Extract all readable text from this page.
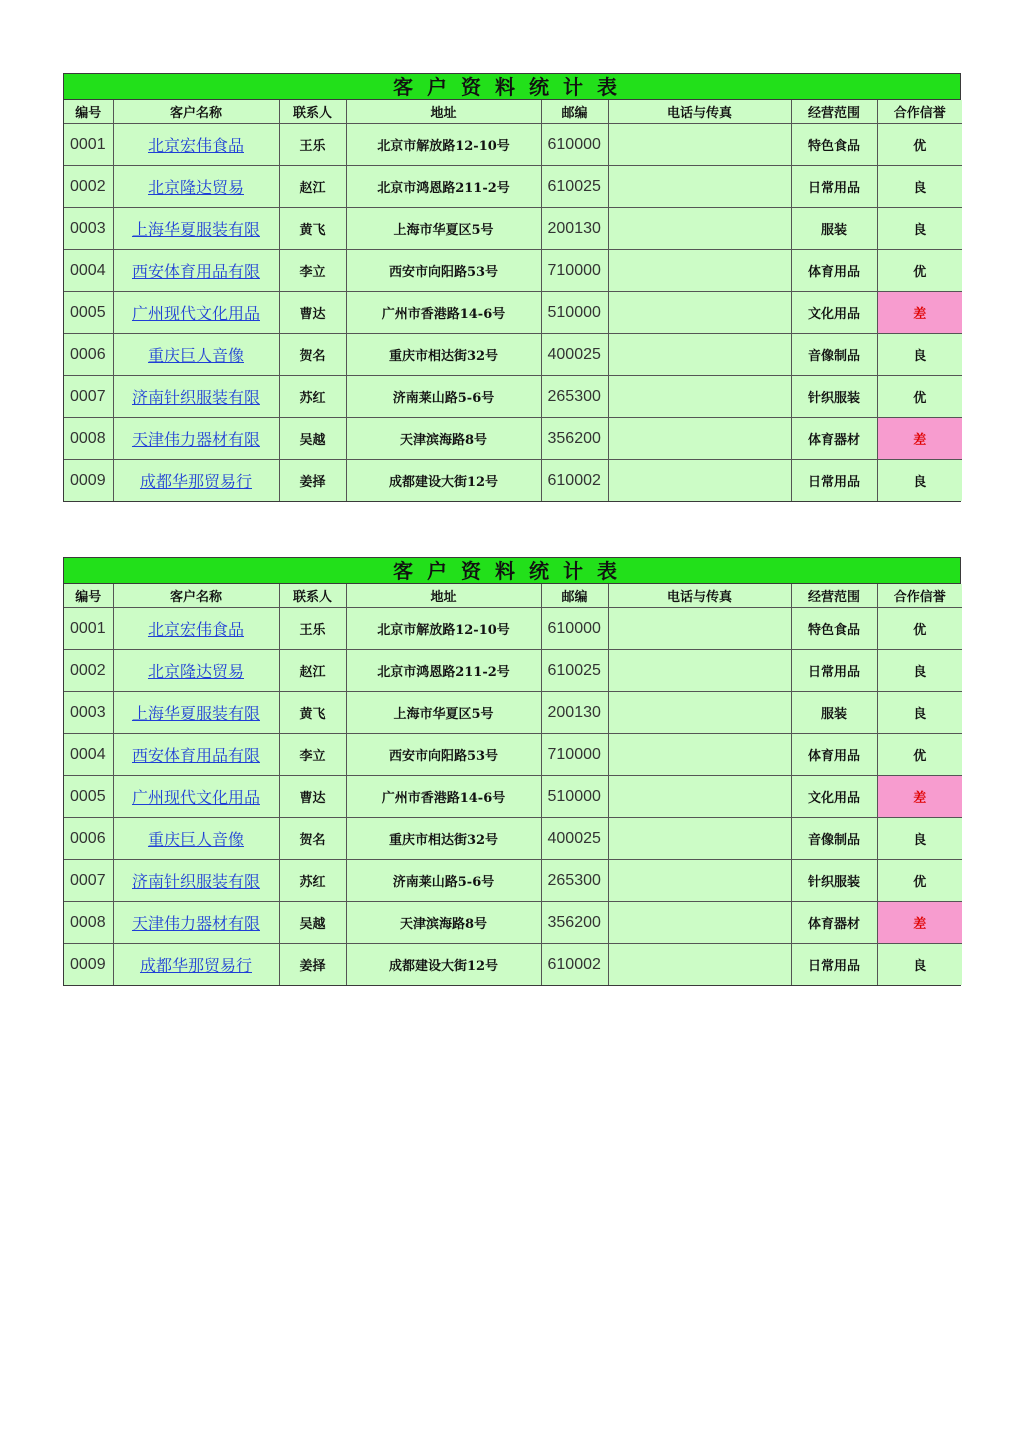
客户资料统计表
编号	客户名称	联系人	地址	邮编	电话与传真	经营范围	合作信誉
0001	北京宏伟食品	王乐	北京市解放路12-10号	610000		特色食品	优
0002	北京隆达贸易	赵江	北京市鸿恩路211-2号	610025		日常用品	良
0003	上海华夏服装有限	黄飞	上海市华夏区5号	200130		服装	良
0004	西安体育用品有限	李立	西安市向阳路53号	710000		体育用品	优
0005	广州现代文化用品	曹达	广州市香港路14-6号	510000		文化用品	差
0006	重庆巨人音像	贺名	重庆市相达街32号	400025		音像制品	良
0007	济南针织服装有限	苏红	济南莱山路5-6号	265300		针织服装	优
0008	天津伟力器材有限	吴越	天津滨海路8号	356200		体育器材	差
0009	成都华那贸易行	姜择	成都建设大街12号	610002		日常用品	良
客户资料统计表
编号	客户名称	联系人	地址	邮编	电话与传真	经营范围	合作信誉
0001	北京宏伟食品	王乐	北京市解放路12-10号	610000		特色食品	优
0002	北京隆达贸易	赵江	北京市鸿恩路211-2号	610025		日常用品	良
0003	上海华夏服装有限	黄飞	上海市华夏区5号	200130		服装	良
0004	西安体育用品有限	李立	西安市向阳路53号	710000		体育用品	优
0005	广州现代文化用品	曹达	广州市香港路14-6号	510000		文化用品	差
0006	重庆巨人音像	贺名	重庆市相达街32号	400025		音像制品	良
0007	济南针织服装有限	苏红	济南莱山路5-6号	265300		针织服装	优
0008	天津伟力器材有限	吴越	天津滨海路8号	356200		体育器材	差
0009	成都华那贸易行	姜择	成都建设大街12号	610002		日常用品	良
